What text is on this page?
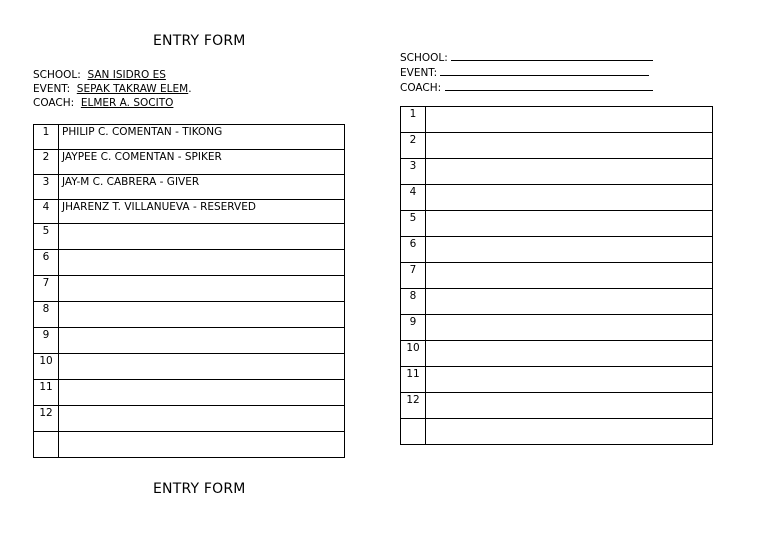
ENTRY FORM
SCHOOL: SAN ISIDRO ES
EVENT: SEPAK TAKRAW ELEM.
COACH: ELMER A. SOCITO
1	PHILIP C. COMENTAN - TIKONG
2	JAYPEE C. COMENTAN - SPIKER
3	JAY-M C. CABRERA - GIVER
4	JHARENZ T. VILLANUEVA - RESERVED
5	
6	
7	
8	
9	
10	
11	
12	

ENTRY FORM
SCHOOL:
EVENT:
COACH:
1	
2	
3	
4	
5	
6	
7	
8	
9	
10	
11	
12	
